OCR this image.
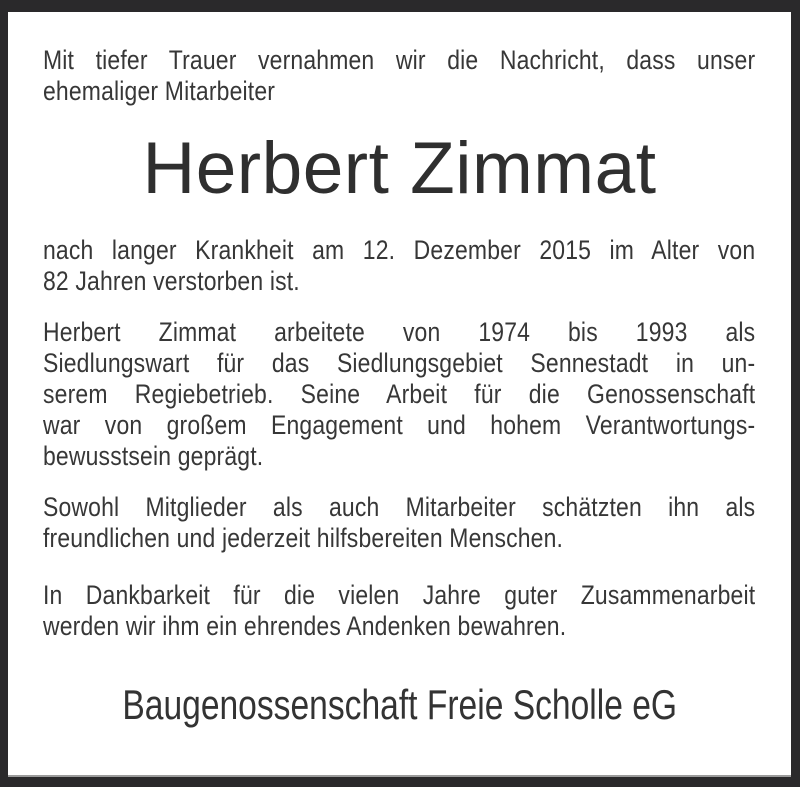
Mit tiefer Trauer vernahmen wir die Nachricht, dass unser
ehemaliger Mitarbeiter
Herbert Zimmat
nach langer Krankheit am 12. Dezember 2015 im Alter von
82 Jahren verstorben ist.
Herbert Zimmat arbeitete von 1974 bis 1993 als
Siedlungswart für das Siedlungsgebiet Sennestadt in un-
serem Regiebetrieb. Seine Arbeit für die Genossenschaft
war von großem Engagement und hohem Verantwortungs-
bewusstsein geprägt.
Sowohl Mitglieder als auch Mitarbeiter schätzten ihn als
freundlichen und jederzeit hilfsbereiten Menschen.
In Dankbarkeit für die vielen Jahre guter Zusammenarbeit
werden wir ihm ein ehrendes Andenken bewahren.
Baugenossenschaft Freie Scholle eG
